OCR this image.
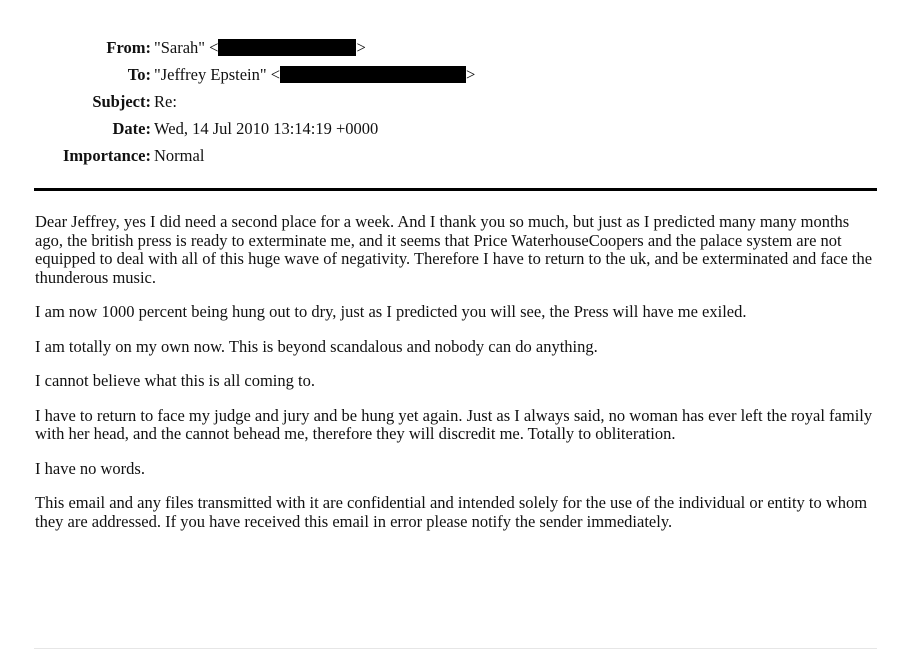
From: "Sarah" <	>
To: "Jeffrey Epstein" <	>
Subject: Re:
Date: Wed, 14 Jul 2010 13:14:19 +0000
Importance: Normal

Dear Jeffrey, yes I did need a second place for a week. And I thank you so much, but just as I predicted many many months ago, the british press is ready to exterminate me, and it seems that Price WaterhouseCoopers and the palace system are not equipped to deal with all of this huge wave of negativity. Therefore I have to return to the uk, and be exterminated and face the thunderous music.

I am now 1000 percent being hung out to dry, just as I predicted you will see, the Press will have me exiled.

I am totally on my own now. This is beyond scandalous and nobody can do anything.

I cannot believe what this is all coming to.

I have to return to face my judge and jury and be hung yet again. Just as I always said, no woman has ever left the royal family with her head, and the cannot behead me, therefore they will discredit me. Totally to obliteration.

I have no words.

This email and any files transmitted with it are confidential and intended solely for the use of the individual or entity to whom they are addressed. If you have received this email in error please notify the sender immediately.
